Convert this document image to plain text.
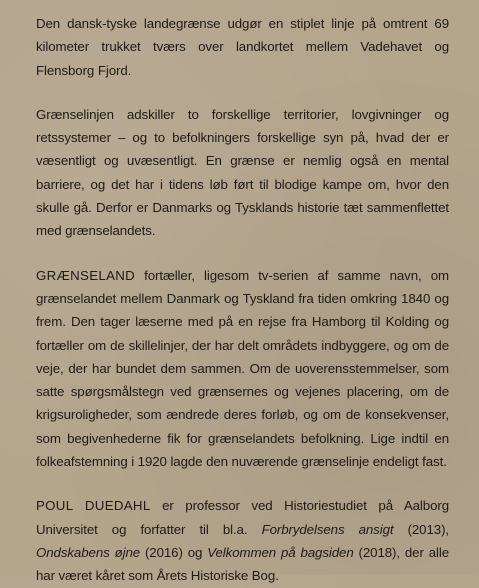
Den dansk-tyske landegrænse udgør en stiplet linje på omtrent 69 kilometer trukket tværs over landkortet mellem Vadehavet og Flensborg Fjord.

Grænselinjen adskiller to forskellige territorier, lovgivninger og retssystemer – og to befolkningers forskellige syn på, hvad der er væsentligt og uvæsentligt. En grænse er nemlig også en mental barriere, og det har i tidens løb ført til blodige kampe om, hvor den skulle gå. Derfor er Danmarks og Tysklands historie tæt sammenflettet med grænselandets.

GRÆNSELAND fortæller, ligesom tv-serien af samme navn, om grænselandet mellem Danmark og Tyskland fra tiden omkring 1840 og frem. Den tager læserne med på en rejse fra Hamborg til Kolding og fortæller om de skillelinjer, der har delt områdets indbyggere, og om de veje, der har bundet dem sammen. Om de uoverensstemmelser, som satte spørgsmålstegn ved grænsernes og vejenes placering, om de krigsuroligheder, som ændrede deres forløb, og om de konsekvenser, som begivenhederne fik for grænselandets befolkning. Lige indtil en folkeafstemning i 1920 lagde den nuværende grænselinje endeligt fast.

POUL DUEDAHL er professor ved Historiestudiet på Aalborg Universitet og forfatter til bl.a. Forbrydelsens ansigt (2013), Ondskabens øjne (2016) og Velkommen på bagsiden (2018), der alle har været kåret som Årets Historiske Bog.
